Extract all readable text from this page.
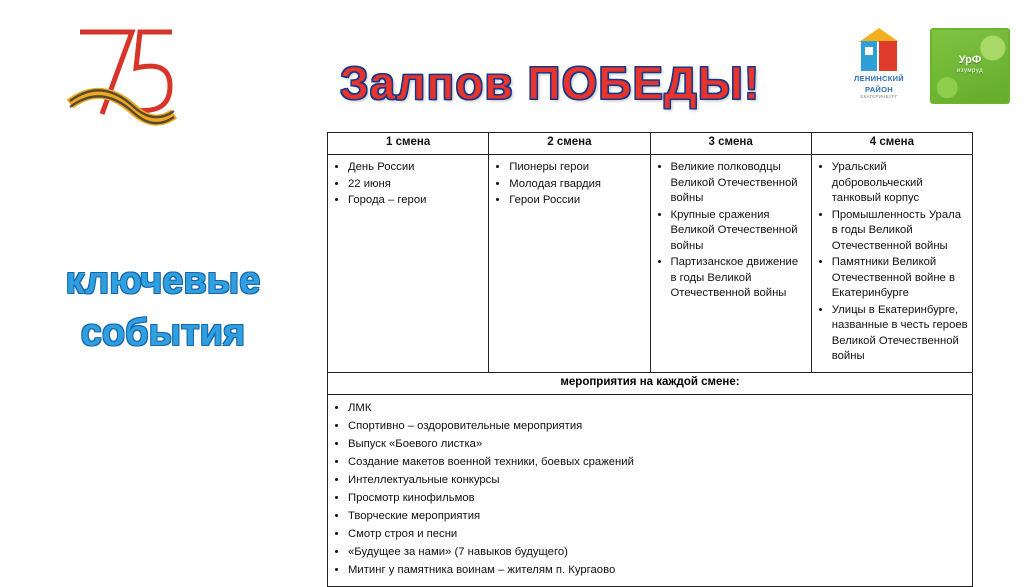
Залпов ПОБЕДЫ!	ЛЕНИНСКИЙ
РАЙОН
ЕКАТЕРИНБУРГ
УрФ
изумруд
ключевые
события
1 смена	2 смена	3 смена	4 смена

• День России
• 22 июня
• Города – герои

• Пионеры герои
• Молодая гвардия
• Герои России

• Великие полководцы Великой Отечественной войны
• Крупные сражения Великой Отечественной войны
• Партизанское движение в годы Великой Отечественной войны

• Уральский добровольческий танковый корпус
• Промышленность Урала в годы Великой Отечественной войны
• Памятники Великой Отечественной войне в Екатеринбурге
• Улицы в Екатеринбурге, названные в честь героев Великой Отечественной войны

мероприятия на каждой смене:			

• ЛМК
• Спортивно – оздоровительные мероприятия
• Выпуск «Боевого листка»
• Создание макетов военной техники, боевых сражений
• Интеллектуальные конкурсы
• Просмотр кинофильмов
• Творческие мероприятия
• Смотр строя и песни
• «Будущее за нами» (7 навыков будущего)
• Митинг у памятника воинам – жителям п. Кургаово
